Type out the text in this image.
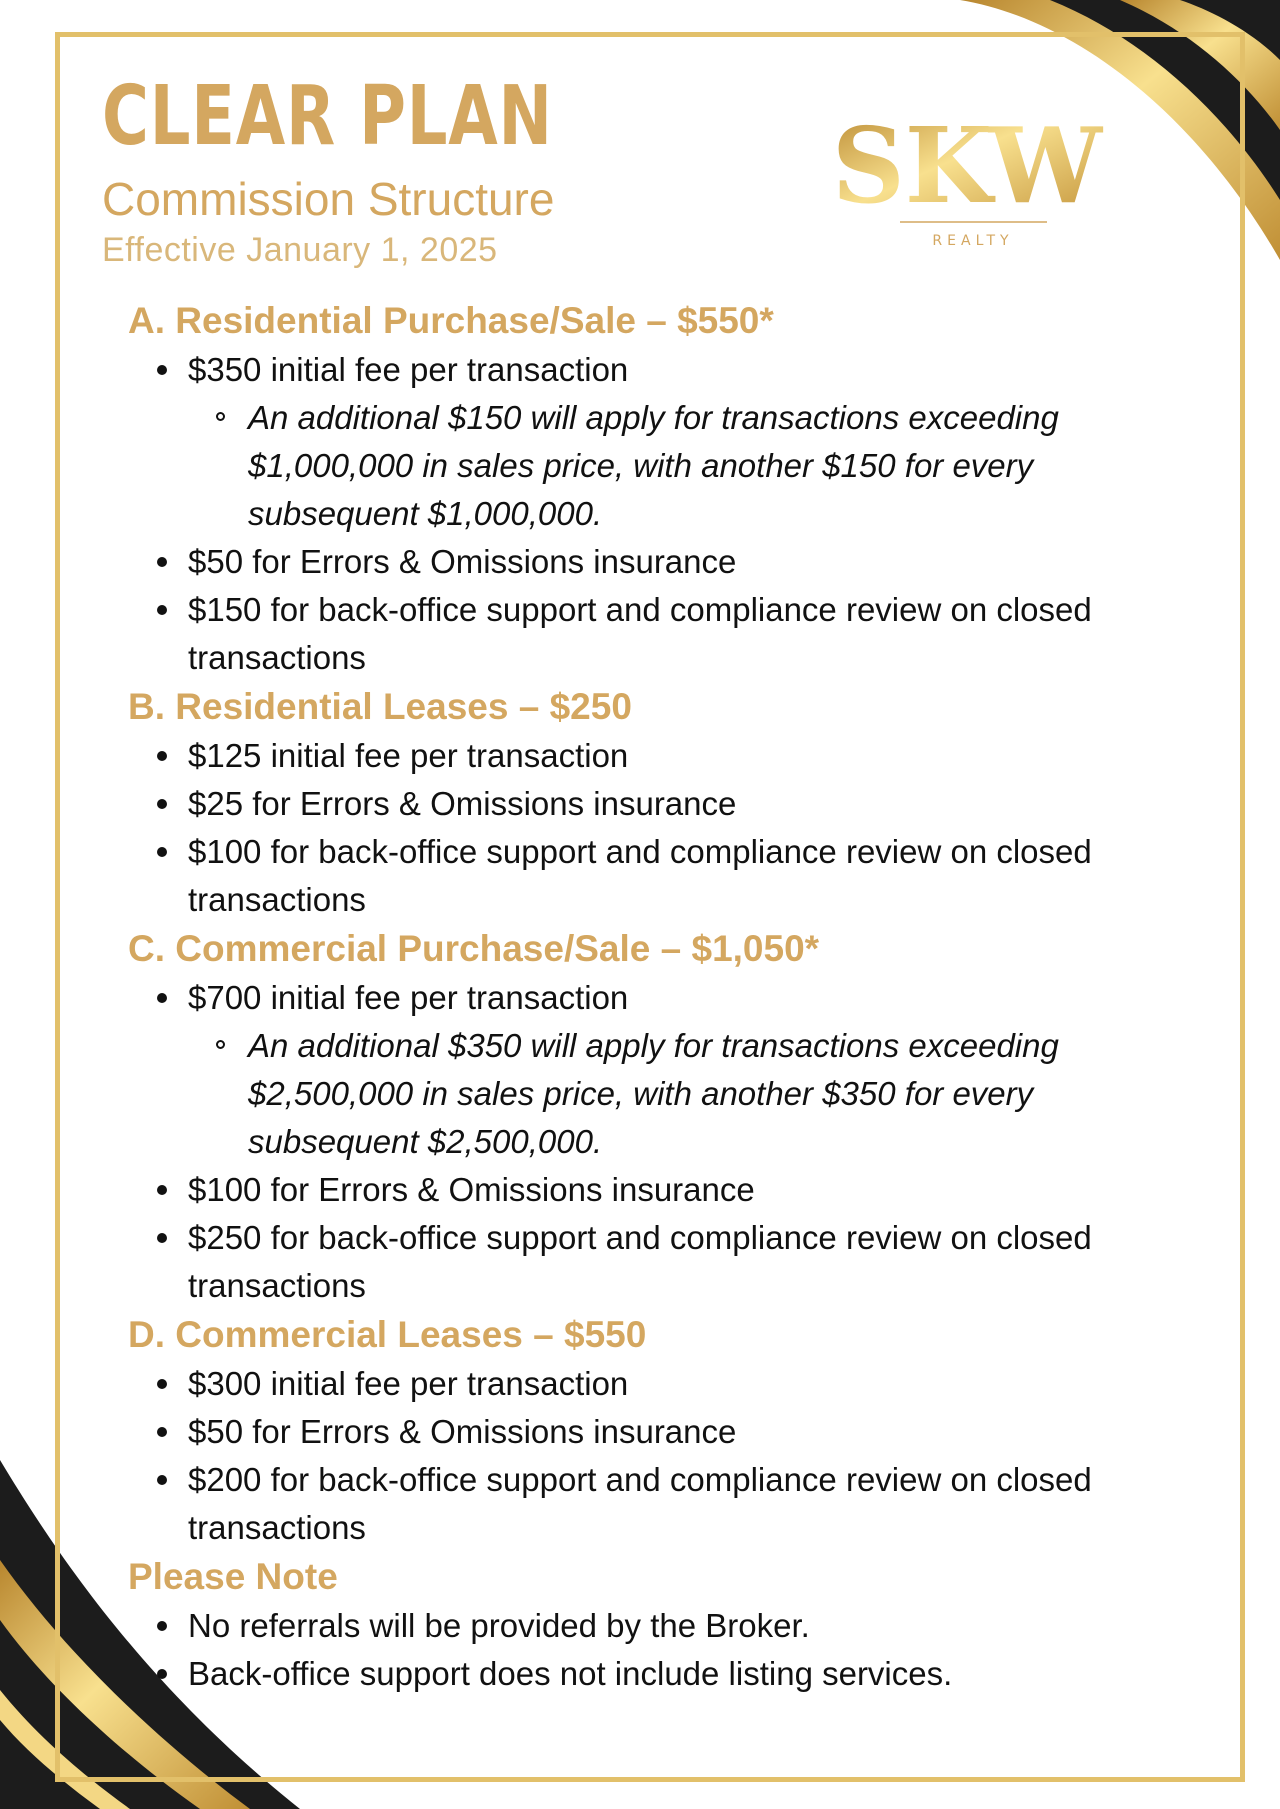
CLEAR PLAN
Commission Structure
Effective January 1, 2025
SKW
REALTY
A. Residential Purchase/Sale – $550*
$350 initial fee per transaction
An additional $150 will apply for transactions exceeding $1,000,000 in sales price, with another $150 for every subsequent $1,000,000.
$50 for Errors & Omissions insurance
$150 for back-office support and compliance review on closed transactions
B. Residential Leases – $250
$125 initial fee per transaction
$25 for Errors & Omissions insurance
$100 for back-office support and compliance review on closed transactions
C. Commercial Purchase/Sale – $1,050*
$700 initial fee per transaction
An additional $350 will apply for transactions exceeding $2,500,000 in sales price, with another $350 for every subsequent $2,500,000.
$100 for Errors & Omissions insurance
$250 for back-office support and compliance review on closed transactions
D. Commercial Leases – $550
$300 initial fee per transaction
$50 for Errors & Omissions insurance
$200 for back-office support and compliance review on closed transactions
Please Note
No referrals will be provided by the Broker.
Back-office support does not include listing services.
